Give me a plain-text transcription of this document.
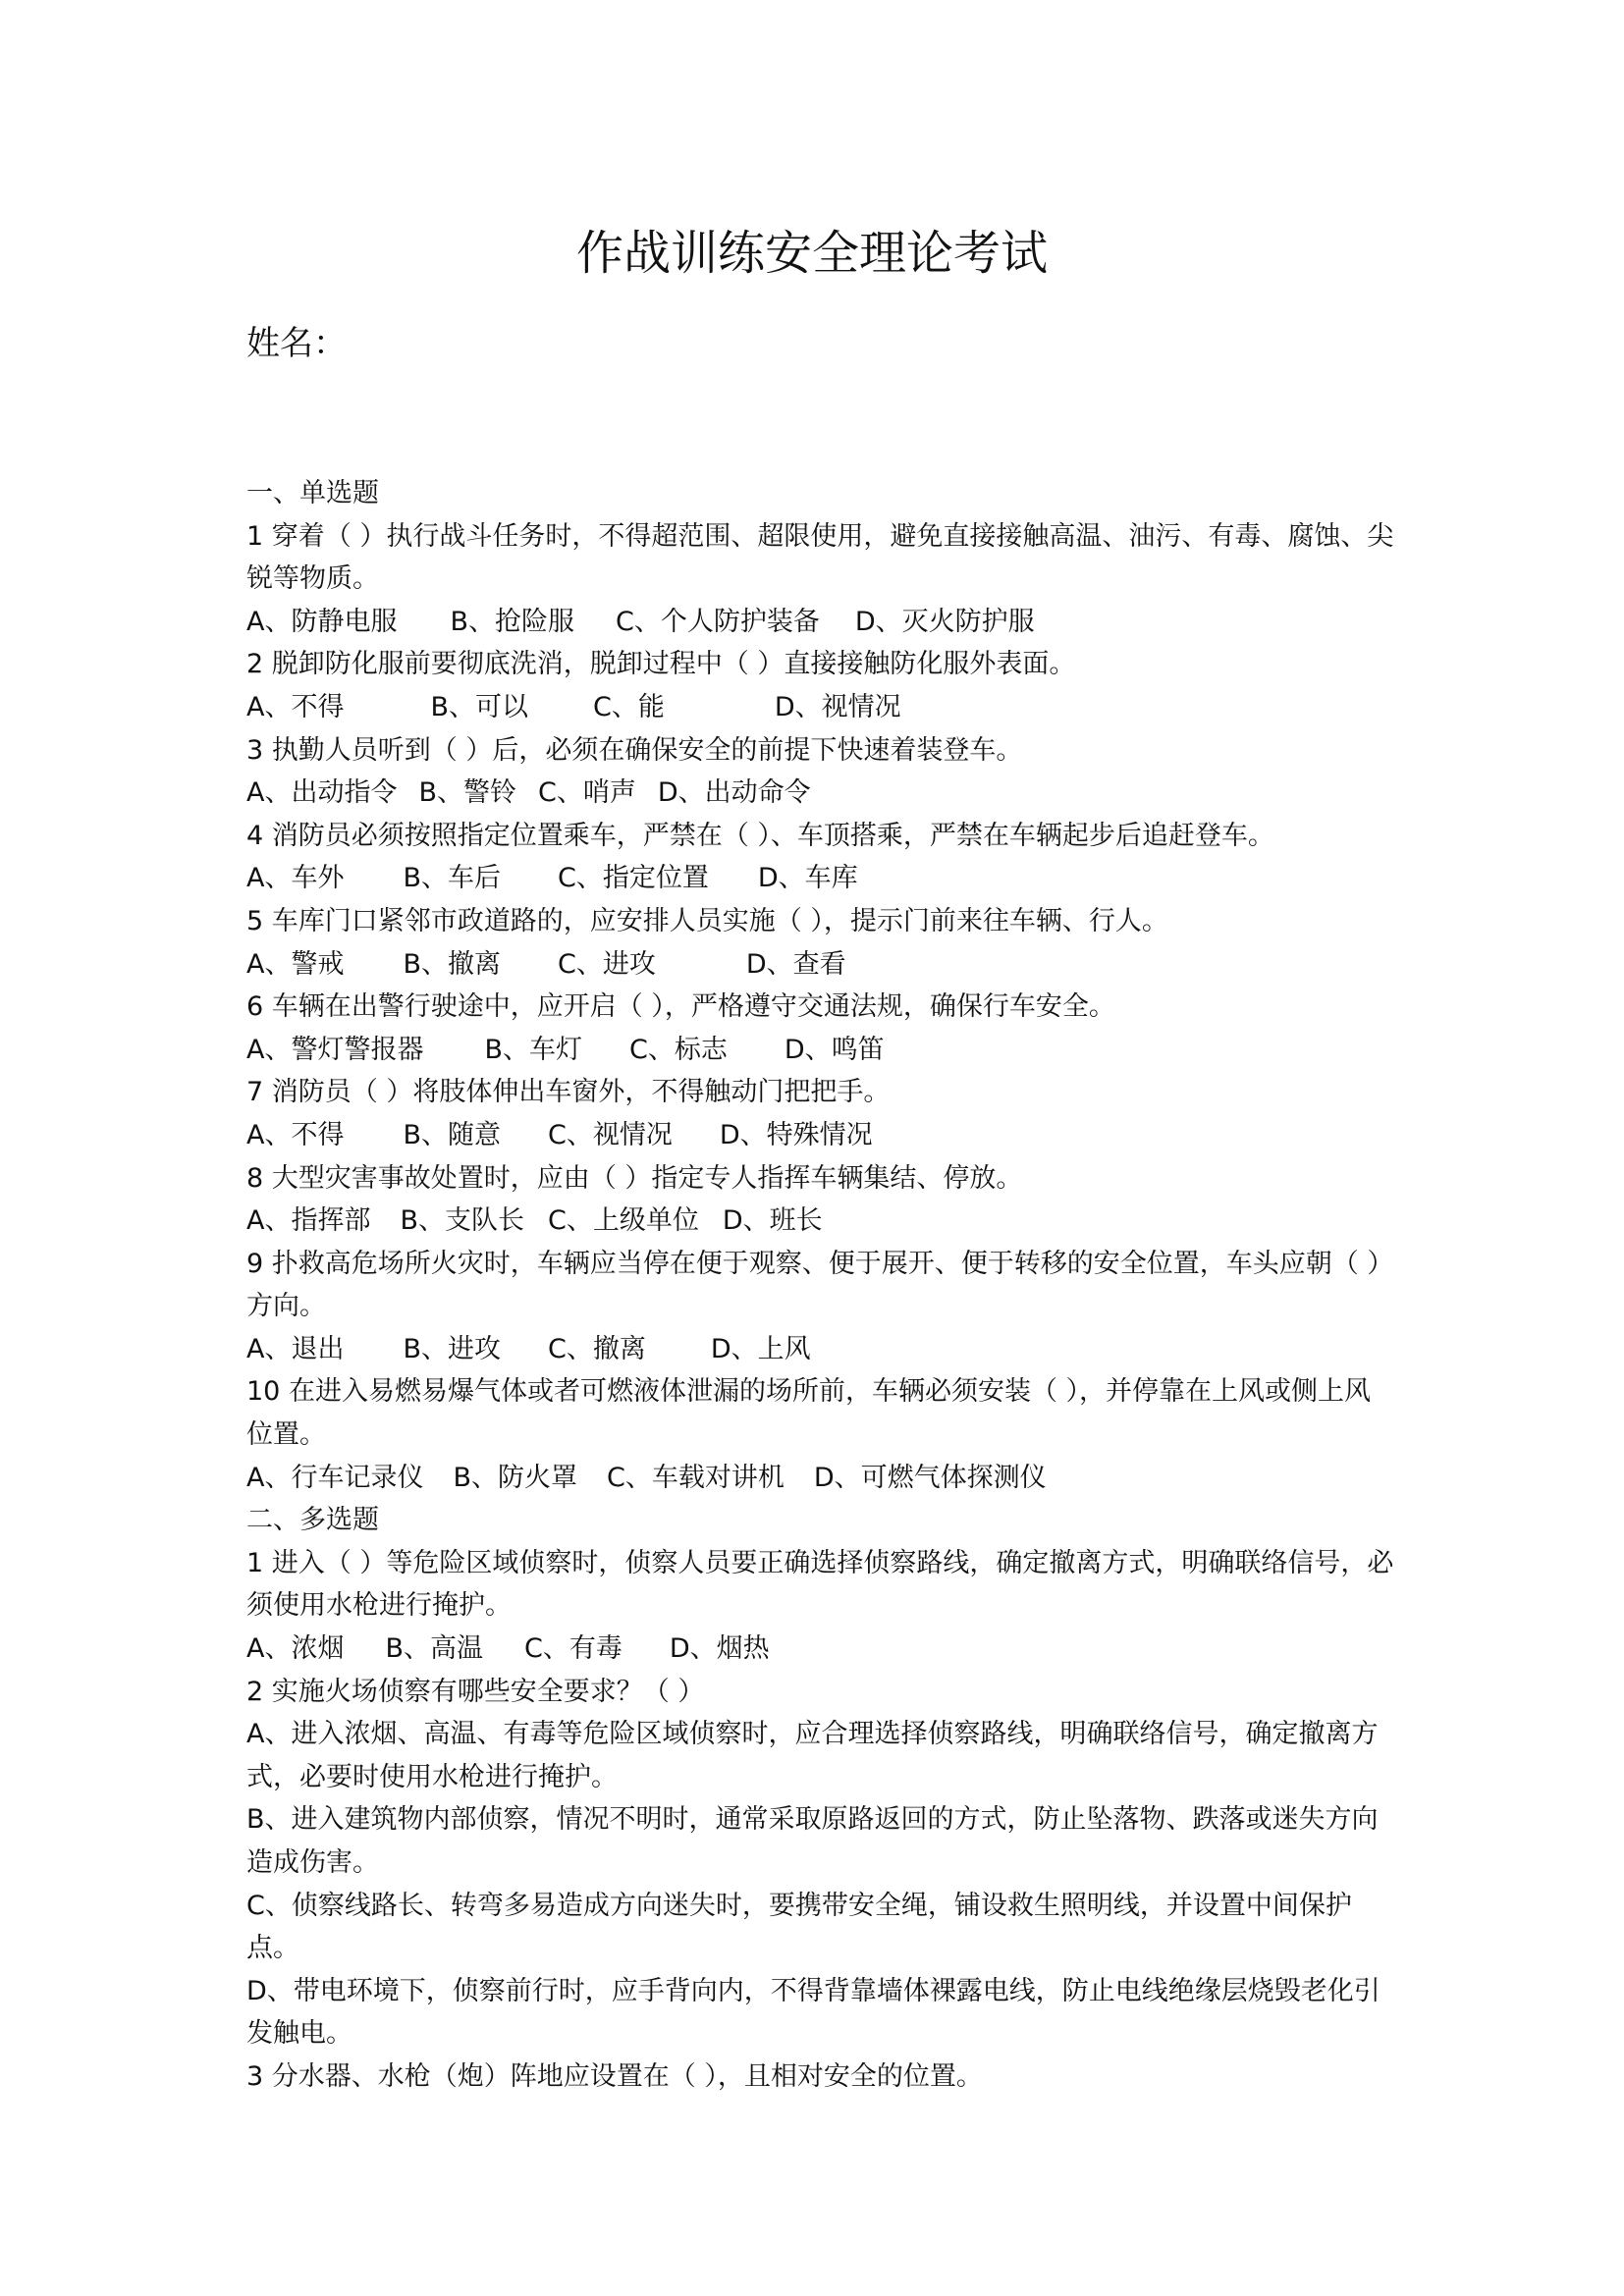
作战训练安全理论考试
姓名：
一、单选题
1 穿着（ ）执行战斗任务时，不得超范围、超限使用，避免直接接触高温、油污、有毒、腐蚀、尖锐等物质。
A、防静电服 B、抢险服 C、个人防护装备 D、灭火防护服
2 脱卸防化服前要彻底洗消，脱卸过程中（ ）直接接触防化服外表面。
A、不得	B、可以 C、能	D、视情况
3 执勤人员听到（ ）后，必须在确保安全的前提下快速着装登车。
A、出动指令 B、警铃 C、哨声 D、出动命令
4 消防员必须按照指定位置乘车，严禁在（ ）、车顶搭乘，严禁在车辆起步后追赶登车。
A、车外 B、车后 C、指定位置 D、车库
5 车库门口紧邻市政道路的，应安排人员实施（ ），提示门前来往车辆、行人。
A、警戒 B、撤离 C、进攻	D、查看
6 车辆在出警行驶途中，应开启（ ），严格遵守交通法规，确保行车安全。
A、警灯警报器 B、车灯 C、标志 D、鸣笛
7 消防员（ ）将肢体伸出车窗外，不得触动门把把手。
A、不得 B、随意 C、视情况 D、特殊情况
8 大型灾害事故处置时，应由（ ）指定专人指挥车辆集结、停放。
A、指挥部 B、支队长 C、上级单位 D、班长
9 扑救高危场所火灾时，车辆应当停在便于观察、便于展开、便于转移的安全位置，车头应朝（ ）方向。
A、退出 B、进攻 C、撤离 D、上风
10 在进入易燃易爆气体或者可燃液体泄漏的场所前，车辆必须安装（ ），并停靠在上风或侧上风位置。
A、行车记录仪 B、防火罩 C、车载对讲机 D、可燃气体探测仪
二、多选题
1 进入（ ）等危险区域侦察时，侦察人员要正确选择侦察路线，确定撤离方式，明确联络信号，必须使用水枪进行掩护。
A、浓烟 B、高温 C、有毒 D、烟热
2 实施火场侦察有哪些安全要求？（ ）
A、进入浓烟、高温、有毒等危险区域侦察时，应合理选择侦察路线，明确联络信号，确定撤离方式，必要时使用水枪进行掩护。
B、进入建筑物内部侦察，情况不明时，通常采取原路返回的方式，防止坠落物、跌落或迷失方向造成伤害。
C、侦察线路长、转弯多易造成方向迷失时，要携带安全绳，铺设救生照明线，并设置中间保护点。
D、带电环境下，侦察前行时，应手背向内，不得背靠墙体裸露电线，防止电线绝缘层烧毁老化引发触电。
3 分水器、水枪（炮）阵地应设置在（ ），且相对安全的位置。
